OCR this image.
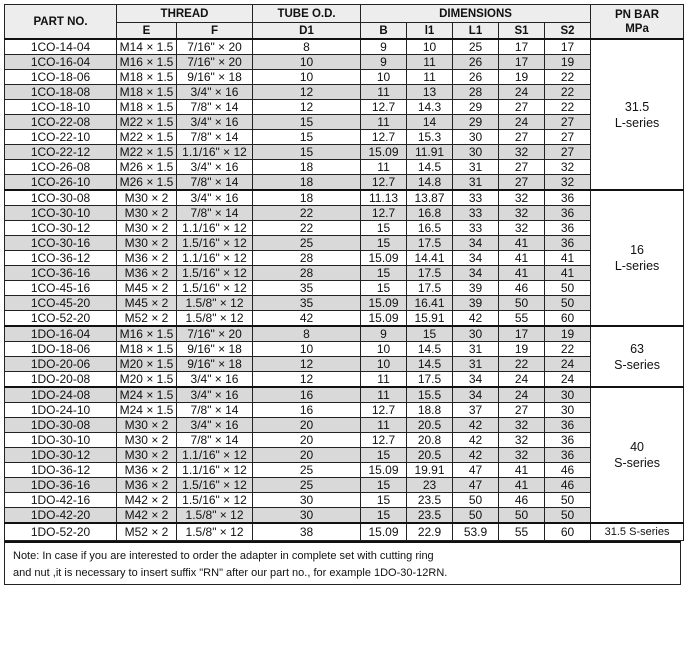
PART NO.	THREAD		TUBE O.D.	DIMENSIONS					PN BAR
MPa

	E	F	D1	B	l1	L1	S1	S2	
1CO-14-04	M14 × 1.5	7/16" × 20	8	9	10	25	17	17	31.5
L-series

1CO-16-04	M16 × 1.5	7/16" × 20	10	9	11	26	17	19	
1CO-18-06	M18 × 1.5	9/16" × 18	10	10	11	26	19	22	
1CO-18-08	M18 × 1.5	3/4" × 16	12	11	13	28	24	22	
1CO-18-10	M18 × 1.5	7/8" × 14	12	12.7	14.3	29	27	22	
1CO-22-08	M22 × 1.5	3/4" × 16	15	11	14	29	24	27	
1CO-22-10	M22 × 1.5	7/8" × 14	15	12.7	15.3	30	27	27	
1CO-22-12	M22 × 1.5	1.1/16" × 12	15	15.09	11.91	30	32	27	
1CO-26-08	M26 × 1.5	3/4" × 16	18	11	14.5	31	27	32	
1CO-26-10	M26 × 1.5	7/8" × 14	18	12.7	14.8	31	27	32	
1CO-30-08	M30 × 2	3/4" × 16	18	11.13	13.87	33	32	36	16
L-series

1CO-30-10	M30 × 2	7/8" × 14	22	12.7	16.8	33	32	36	
1CO-30-12	M30 × 2	1.1/16" × 12	22	15	16.5	33	32	36	
1CO-30-16	M30 × 2	1.5/16" × 12	25	15	17.5	34	41	36	
1CO-36-12	M36 × 2	1.1/16" × 12	28	15.09	14.41	34	41	41	
1CO-36-16	M36 × 2	1.5/16" × 12	28	15	17.5	34	41	41	
1CO-45-16	M45 × 2	1.5/16" × 12	35	15	17.5	39	46	50	
1CO-45-20	M45 × 2	1.5/8" × 12	35	15.09	16.41	39	50	50	
1CO-52-20	M52 × 2	1.5/8" × 12	42	15.09	15.91	42	55	60	
1DO-16-04	M16 × 1.5	7/16" × 20	8	9	15	30	17	19	63
S-series

1DO-18-06	M18 × 1.5	9/16" × 18	10	10	14.5	31	19	22	
1DO-20-06	M20 × 1.5	9/16" × 18	12	10	14.5	31	22	24	
1DO-20-08	M20 × 1.5	3/4" × 16	12	11	17.5	34	24	24	
1DO-24-08	M24 × 1.5	3/4" × 16	16	11	15.5	34	24	30	40
S-series

1DO-24-10	M24 × 1.5	7/8" × 14	16	12.7	18.8	37	27	30	
1DO-30-08	M30 × 2	3/4" × 16	20	11	20.5	42	32	36	
1DO-30-10	M30 × 2	7/8" × 14	20	12.7	20.8	42	32	36	
1DO-30-12	M30 × 2	1.1/16" × 12	20	15	20.5	42	32	36	
1DO-36-12	M36 × 2	1.1/16" × 12	25	15.09	19.91	47	41	46	
1DO-36-16	M36 × 2	1.5/16" × 12	25	15	23	47	41	46	
1DO-42-16	M42 × 2	1.5/16" × 12	30	15	23.5	50	46	50	
1DO-42-20	M42 × 2	1.5/8" × 12	30	15	23.5	50	50	50	
1DO-52-20	M52 × 2	1.5/8" × 12	38	15.09	22.9	53.9	55	60	31.5 S-series
Note: In case if you are interested to order the adapter in complete set with cutting ring
and nut ,it is necessary to insert suffix "RN" after our part no., for example 1DO-30-12RN.
